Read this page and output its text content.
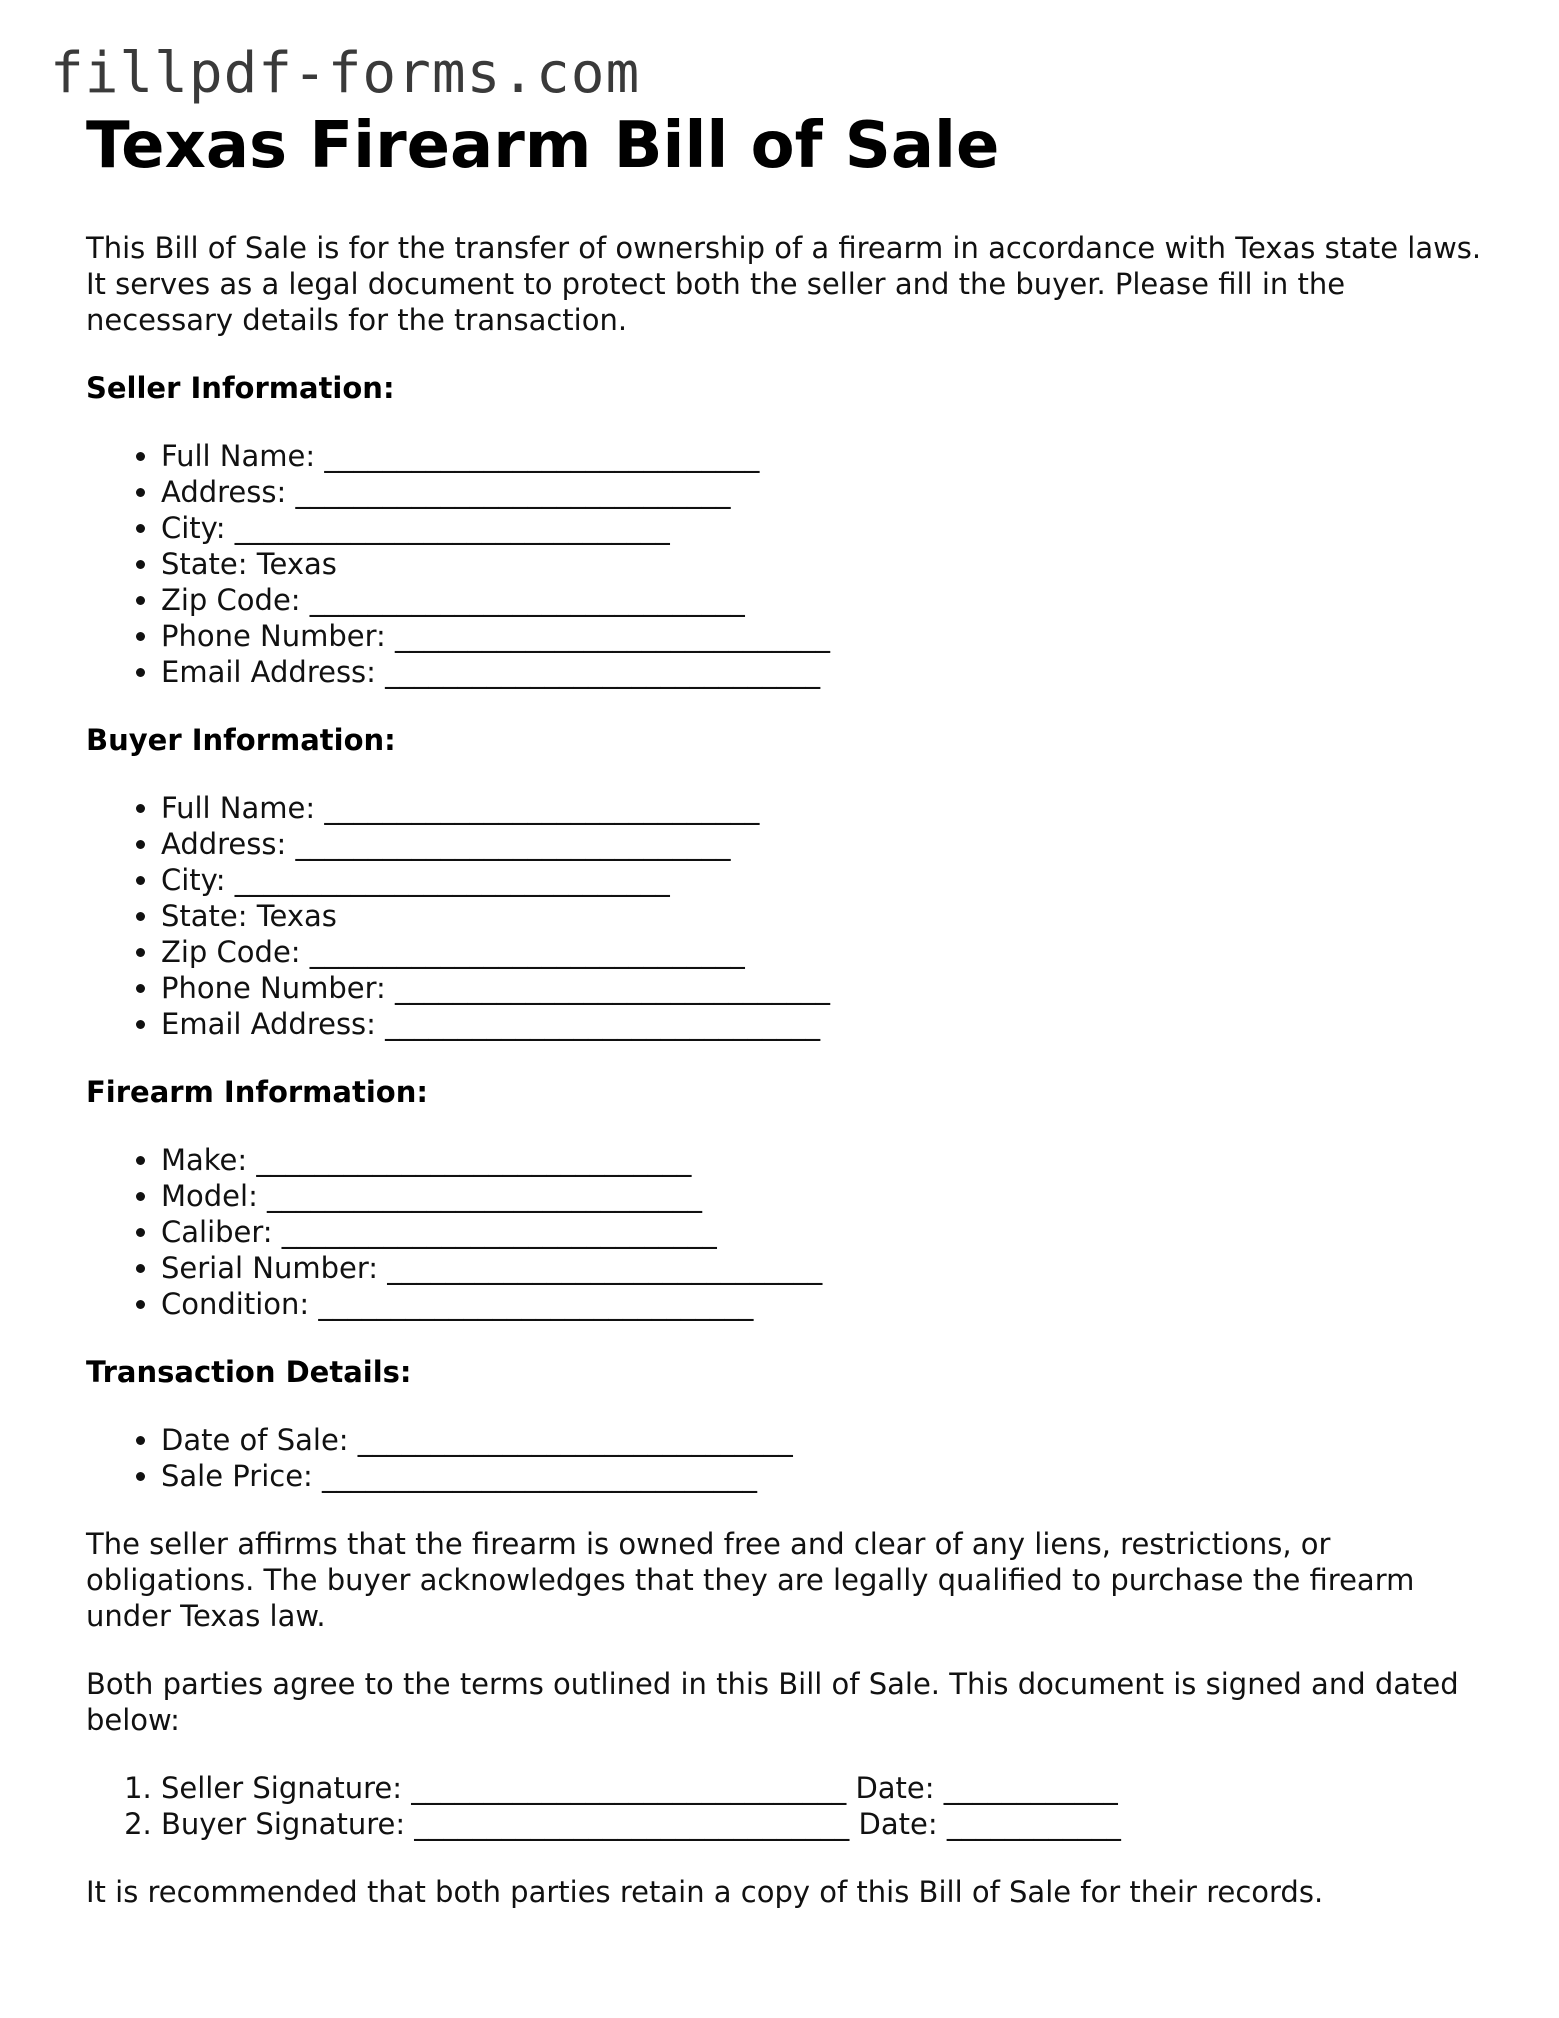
fillpdf-forms.com
Texas Firearm Bill of Sale

This Bill of Sale is for the transfer of ownership of a firearm in accordance with Texas state laws. It serves as a legal document to protect both the seller and the buyer. Please fill in the necessary details for the transaction.

Seller Information:
• Full Name: ______________________________
• Address: ______________________________
• City: ______________________________
• State: Texas
• Zip Code: ______________________________
• Phone Number: ______________________________
• Email Address: ______________________________
Buyer Information:
• Full Name: ______________________________
• Address: ______________________________
• City: ______________________________
• State: Texas
• Zip Code: ______________________________
• Phone Number: ______________________________
• Email Address: ______________________________
Firearm Information:
• Make: ______________________________
• Model: ______________________________
• Caliber: ______________________________
• Serial Number: ______________________________
• Condition: ______________________________
Transaction Details:
• Date of Sale: ______________________________
• Sale Price: ______________________________

The seller affirms that the firearm is owned free and clear of any liens, restrictions, or obligations. The buyer acknowledges that they are legally qualified to purchase the firearm under Texas law.

Both parties agree to the terms outlined in this Bill of Sale. This document is signed and dated below:

1. Seller Signature: ______________________________ Date: ____________
2. Buyer Signature: ______________________________ Date: ____________

It is recommended that both parties retain a copy of this Bill of Sale for their records.
